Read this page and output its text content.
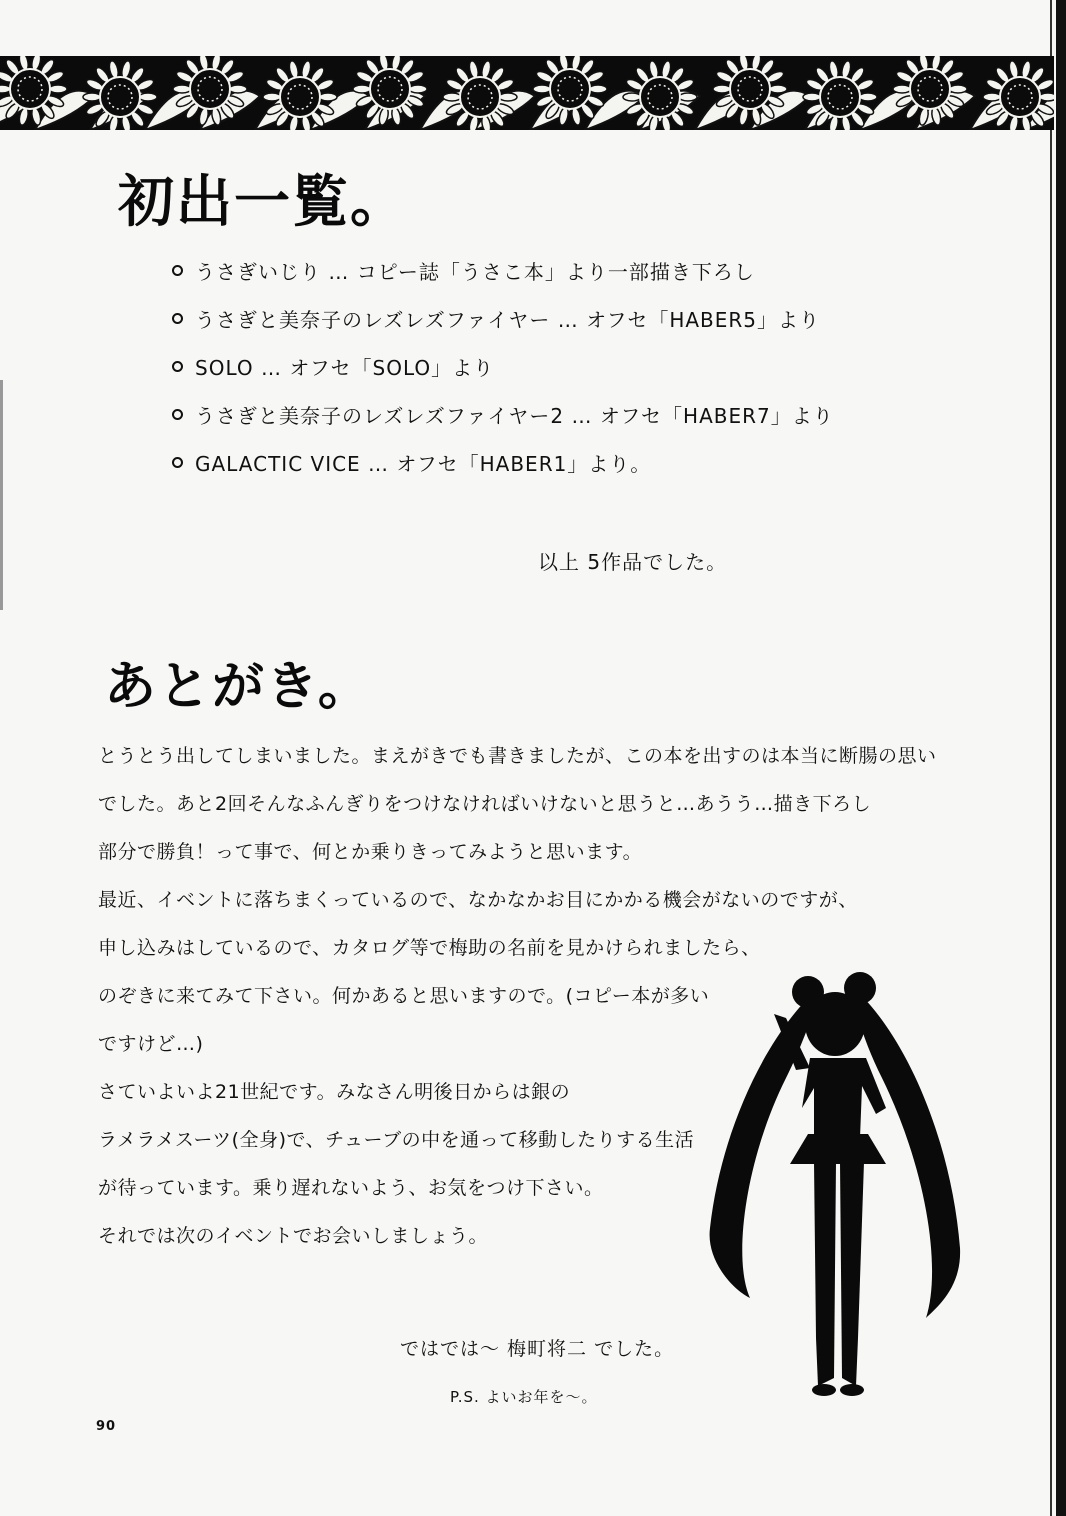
初出一覧。
うさぎいじり … コピー誌「うさこ本」より一部描き下ろし
うさぎと美奈子のレズレズファイヤー … オフセ「HABER5」より
SOLO … オフセ「SOLO」より
うさぎと美奈子のレズレズファイヤー2 … オフセ「HABER7」より
GALACTIC VICE … オフセ「HABER1」より。
以上 5作品でした。
あとがき。
とうとう出してしまいました。まえがきでも書きましたが、この本を出すのは本当に断腸の思い
でした。あと2回そんなふんぎりをつけなければいけないと思うと…あうう…描き下ろし
部分で勝負！って事で、何とか乗りきってみようと思います。
最近、イベントに落ちまくっているので、なかなかお目にかかる機会がないのですが、
申し込みはしているので、カタログ等で梅助の名前を見かけられましたら、
のぞきに来てみて下さい。何かあると思いますので。(コピー本が多い
ですけど…)
さていよいよ21世紀です。みなさん明後日からは銀の
ラメラメスーツ(全身)で、チューブの中を通って移動したりする生活
が待っています。乗り遅れないよう、お気をつけ下さい。
それでは次のイベントでお会いしましょう。
ではでは〜 梅町将二 でした。
P.S. よいお年を〜。
90
